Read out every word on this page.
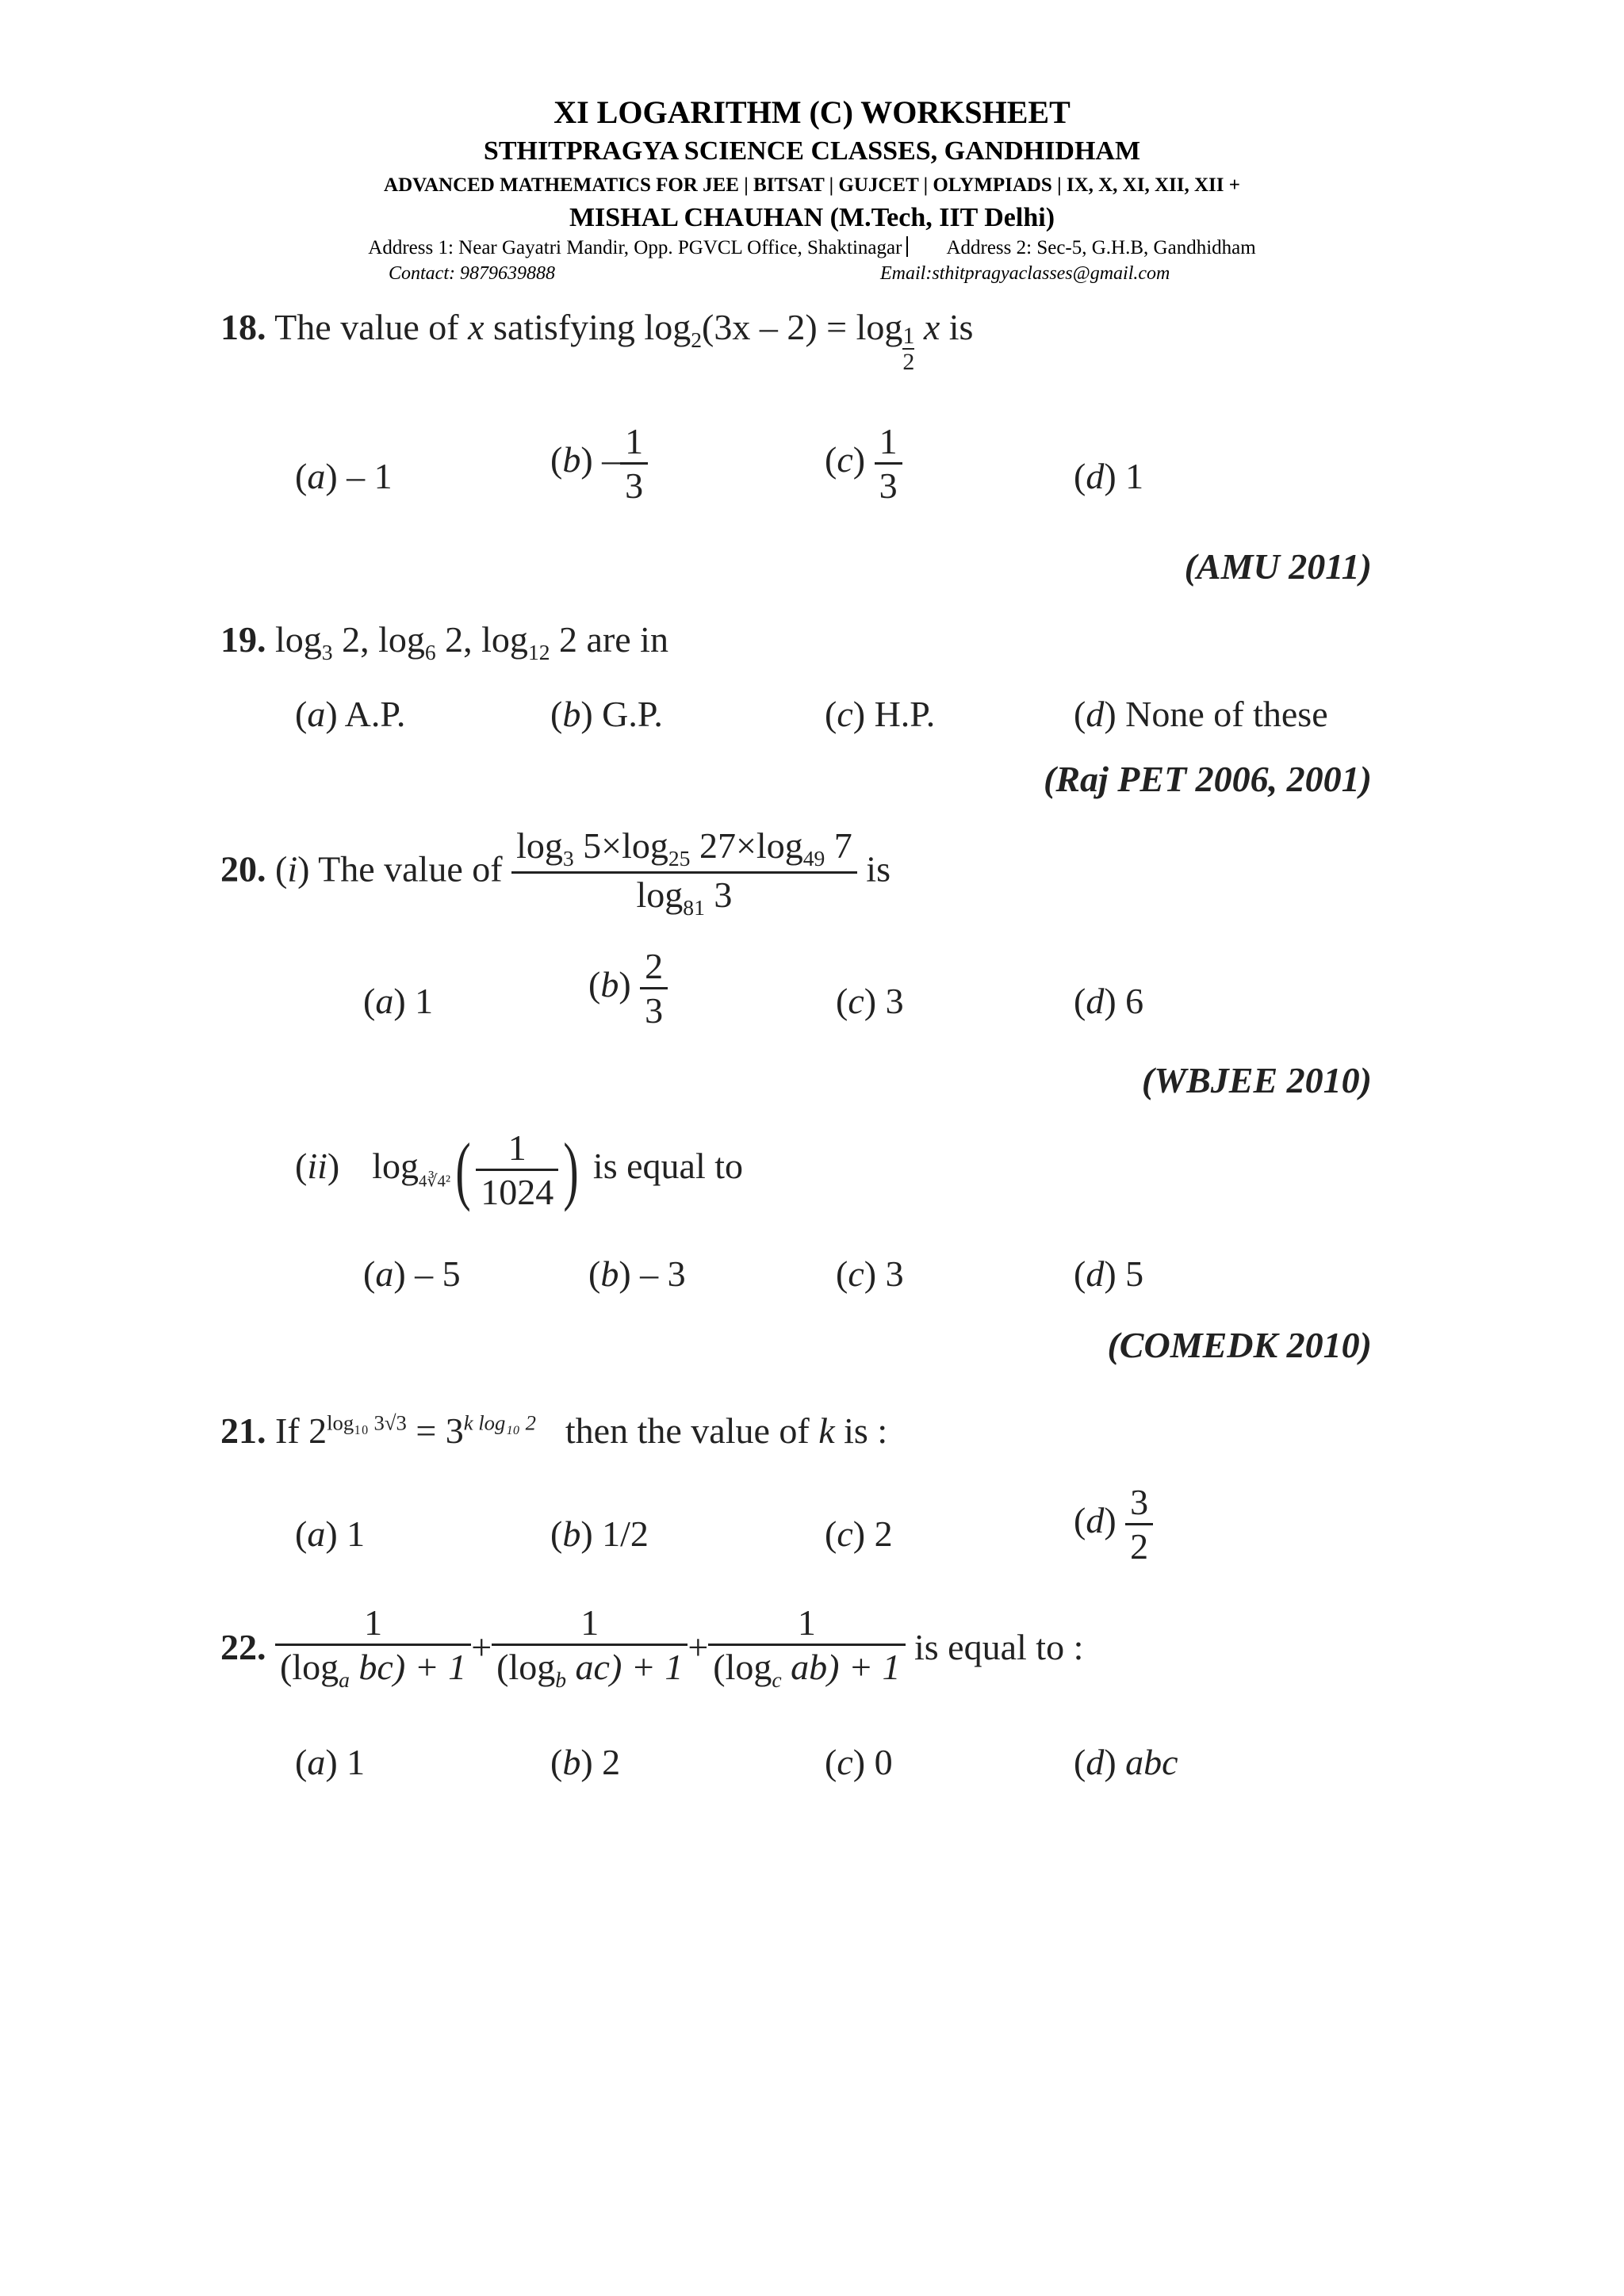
XI LOGARITHM (C) WORKSHEET
STHITPRAGYA SCIENCE CLASSES, GANDHIDHAM
ADVANCED MATHEMATICS FOR JEE | BITSAT | GUJCET | OLYMPIADS | IX, X, XI, XII, XII +
MISHAL CHAUHAN (M.Tech, IIT Delhi)
Address 1: Near Gayatri Mandir, Opp. PGVCL Office, Shaktinagar Address 2: Sec-5, G.H.B, Gandhidham
Contact: 9879639888	Email:sthitpragyaclasses@gmail.com
18. The value of x satisfying $\log_2(3x - 2) = \log \frac{1}{2}$ x is
( a ) – 1	( b ) – $\frac{1}{3}$	( c ) $\frac{1}{3}$	( d ) 1
(AMU 2011)
19. $\log_3 2$, $\log_6 2$, $\log_{12} 2$ are in
( a ) A.P.	( b ) G.P.	( c ) H.P.	( d ) None of these
(Raj PET 2006, 2001)
20. (i) The value of $\frac{\log_3 5\times\log_{25} 27\times\log_{49} 7}{\log_{81} 3}$ is
( a ) 1	( b ) $\frac{2}{3}$	( c ) 3	( d ) 6
(WBJEE 2010)
(ii) $\log_{4∛4^2}( \frac{1}{1024}$ ) is equal to
( a ) – 5	( b ) – 3	( c ) 3	( d ) 5
(COMEDK 2010)
21. If $2^{log_{10} 3√3} = 3^{k log_{10} 2}$ then the value of k is :
( a ) 1	( b ) 1/2	( c ) 2	( d ) $\frac{3}{2}$
22. $\frac{1}{(\log_a bc) + 1} + \frac{1}{(\log_b ac) + 1} + \frac{1}{(\log_c ab) + 1}$ is equal to :
( a ) 1	( b ) 2	( c ) 0	( d ) abc
